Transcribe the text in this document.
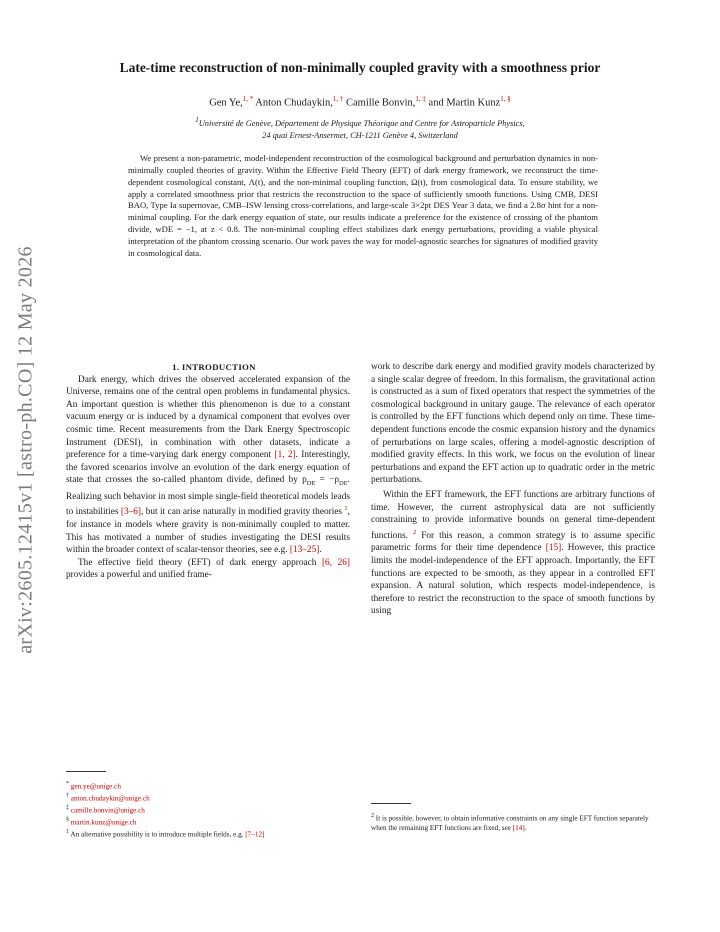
arXiv:2605.12415v1 [astro-ph.CO] 12 May 2026
Late-time reconstruction of non-minimally coupled gravity with a smoothness prior
Gen Ye,$^{1, *}$ Anton Chudaykin,$^{1, \dagger}$ Camille Bonvin,$^{1, \ddagger}$ and Martin Kunz$^{1, \S}$
$^1$Université de Genève, Département de Physique Théorique and Centre for Astroparticle Physics,
24 quai Ernest-Ansermet, CH-1211 Genève 4, Switzerland
We present a non-parametric, model-independent reconstruction of the cosmological background and perturbation dynamics in non-minimally coupled theories of gravity. Within the Effective Field Theory (EFT) of dark energy framework, we reconstruct the time-dependent cosmological constant, Λ(t), and the non-minimal coupling function, Ω(t), from cosmological data. To ensure stability, we apply a correlated smoothness prior that restricts the reconstruction to the space of sufficiently smooth functions. Using CMB, DESI BAO, Type Ia supernovae, CMB–ISW lensing cross-correlations, and large-scale 3×2pt DES Year 3 data, we find a 2.8σ hint for a non-minimal coupling. For the dark energy equation of state, our results indicate a preference for the existence of crossing of the phantom divide, wDE = −1, at z < 0.8. The non-minimal coupling effect stabilizes dark energy perturbations, providing a viable physical interpretation of the phantom crossing scenario. Our work paves the way for model-agnostic searches for signatures of modified gravity in cosmological data.

1. INTRODUCTION

Dark energy, which drives the observed accelerated expansion of the Universe, remains one of the central open problems in fundamental physics. An important question is whether this phenomenon is due to a constant vacuum energy or is induced by a dynamical component that evolves over cosmic time. Recent measurements from the Dark Energy Spectroscopic Instrument (DESI), in combination with other datasets, indicate a preference for a time-varying dark energy component [1, 2]. Interestingly, the favored scenarios involve an evolution of the dark energy equation of state that crosses the so-called phantom divide, defined by $p_{DE} = -\rho_{DE}$. Realizing such behavior in most simple single-field theoretical models leads to instabilities [3–6], but it can arise naturally in modified gravity theories $^1$, for instance in models where gravity is non-minimally coupled to matter. This has motivated a number of studies investigating the DESI results within the broader context of scalar-tensor theories, see e.g. [13–25].

The effective field theory (EFT) of dark energy approach [6, 26] provides a powerful and unified frame-

work to describe dark energy and modified gravity models characterized by a single scalar degree of freedom. In this formalism, the gravitational action is constructed as a sum of fixed operators that respect the symmetries of the cosmological background in unitary gauge. The relevance of each operator is controlled by the EFT functions which depend only on time. These time-dependent functions encode the cosmic expansion history and the dynamics of perturbations on large scales, offering a model-agnostic description of modified gravity effects. In this work, we focus on the evolution of linear perturbations and expand the EFT action up to quadratic order in the metric perturbations.

Within the EFT framework, the EFT functions are arbitrary functions of time. However, the current astrophysical data are not sufficiently constraining to provide informative bounds on general time-dependent functions. $^2$ For this reason, a common strategy is to assume specific parametric forms for their time dependence [15]. However, this practice limits the model-independence of the EFT approach. Importantly, the EFT functions are expected to be smooth, as they appear in a controlled EFT expansion. A natural solution, which respects model-independence, is therefore to restrict the reconstruction to the space of smooth functions by using

* gen.ye@unige.ch
† anton.chudaykin@unige.ch
‡ camille.bonvin@unige.ch
§ martin.kunz@unige.ch
$^1$ An alternative possibility is to introduce multiple fields, e.g. [7–12]
$^2$ It is possible, however, to obtain informative constraints on any single EFT function separately when the remaining EFT functions are fixed, see [14].
